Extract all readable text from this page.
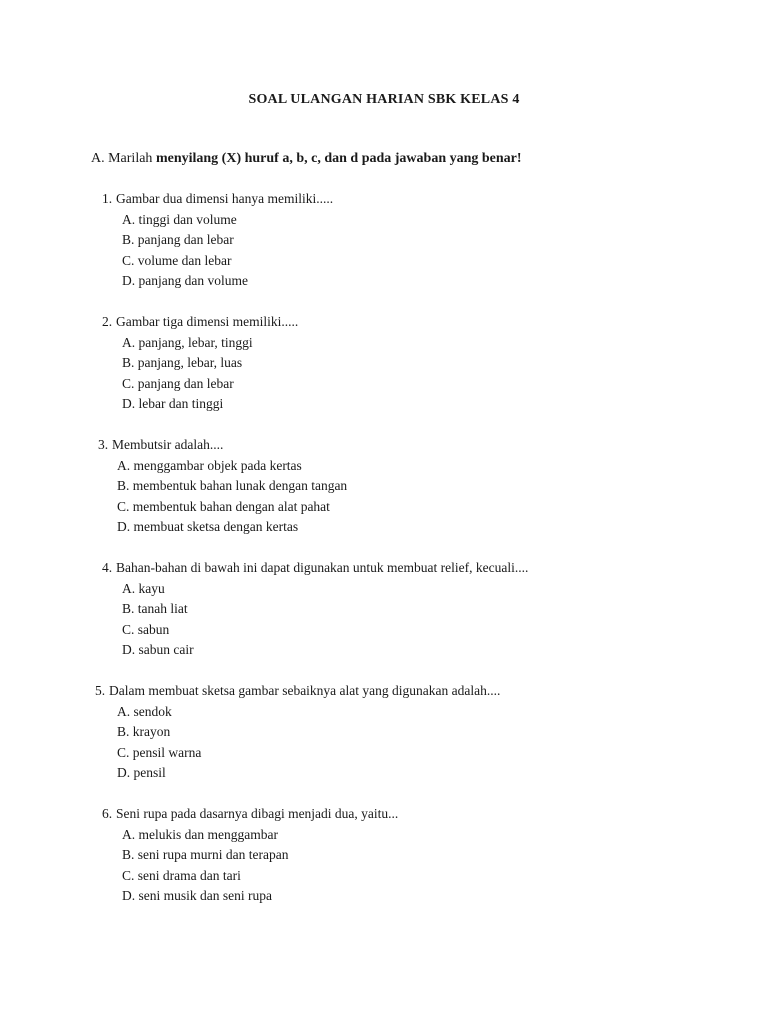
SOAL ULANGAN HARIAN SBK KELAS 4
A. Marilah menyilang (X) huruf a, b, c, dan d pada jawaban yang benar!
1. Gambar dua dimensi hanya memiliki.....
A. tinggi dan volume
B. panjang dan lebar
C. volume dan lebar
D. panjang dan volume
2. Gambar tiga dimensi memiliki.....
A. panjang, lebar, tinggi
B. panjang, lebar, luas
C. panjang dan lebar
D. lebar dan tinggi
3. Membutsir adalah....
A. menggambar objek pada kertas
B. membentuk bahan lunak dengan tangan
C. membentuk bahan dengan alat pahat
D. membuat sketsa dengan kertas
4. Bahan-bahan di bawah ini dapat digunakan untuk membuat relief, kecuali....
A. kayu
B. tanah liat
C. sabun
D. sabun cair
5. Dalam membuat sketsa gambar sebaiknya alat yang digunakan adalah....
A. sendok
B. krayon
C. pensil warna
D. pensil
6. Seni rupa pada dasarnya dibagi menjadi dua, yaitu...
A. melukis dan menggambar
B. seni rupa murni dan terapan
C. seni drama dan tari
D. seni musik dan seni rupa
